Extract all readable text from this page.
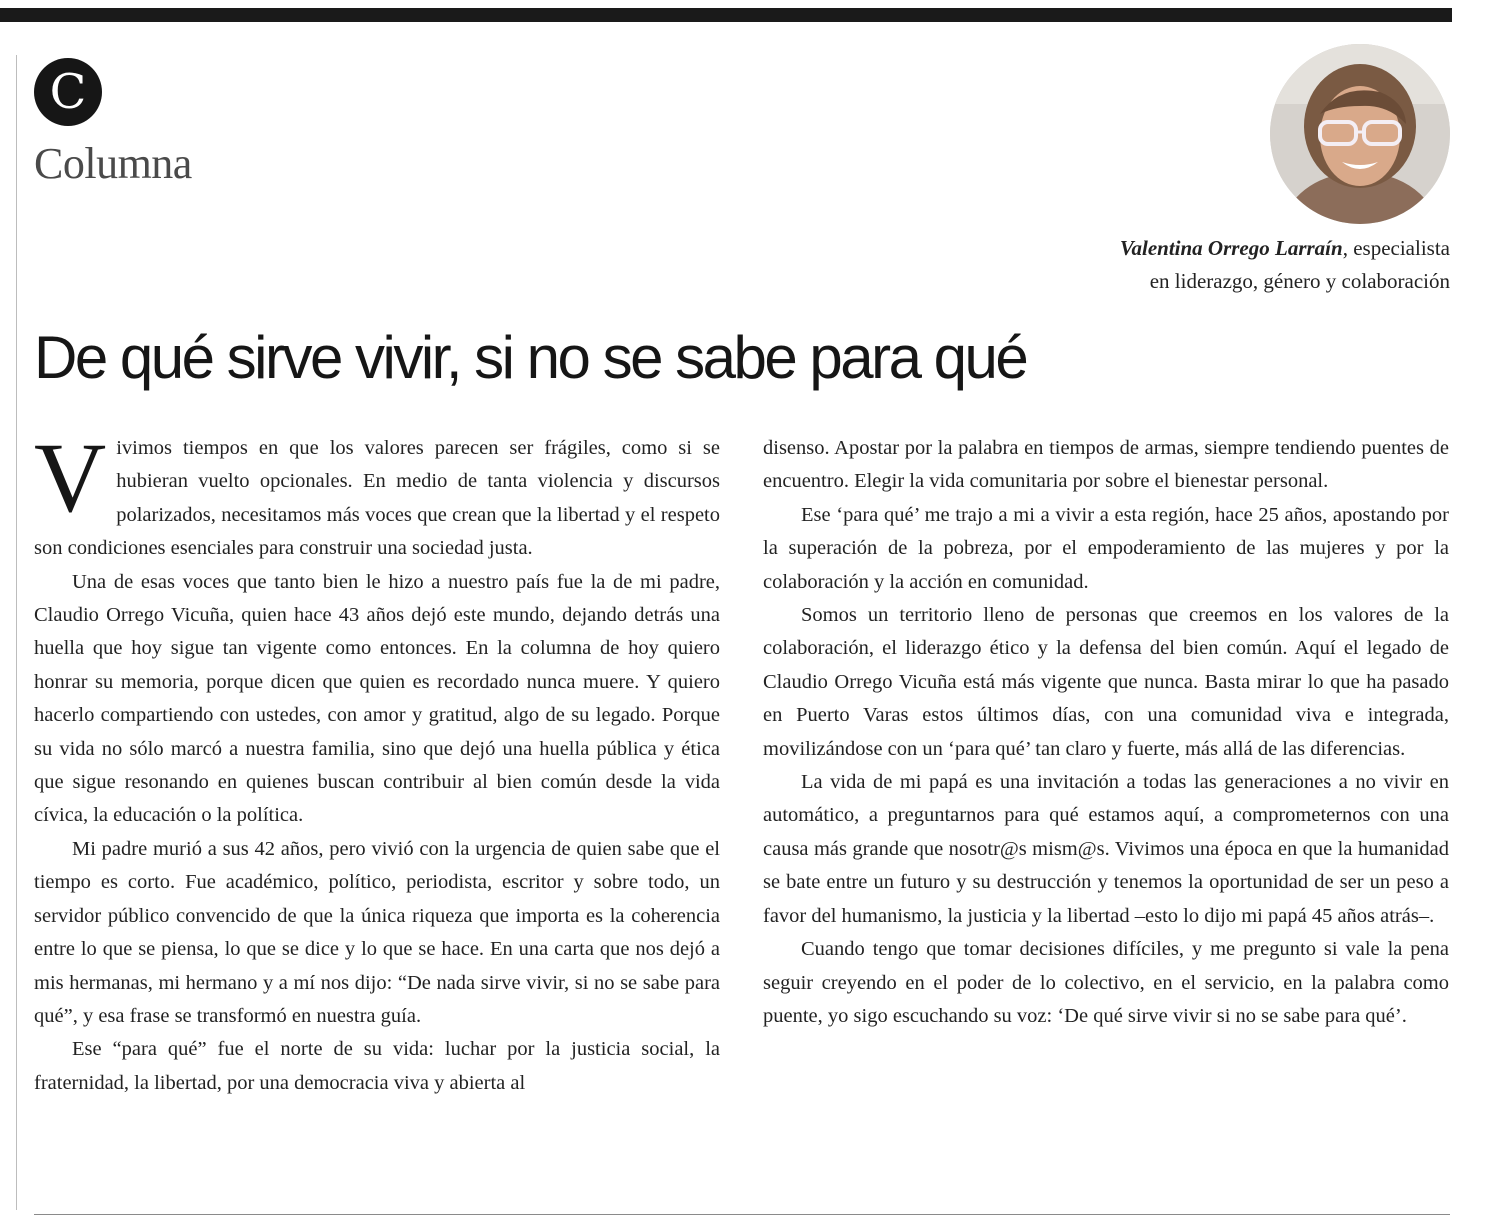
C
Columna
Valentina Orrego Larraín, especialista
en liderazgo, género y colaboración
De qué sirve vivir, si no se sabe para qué

Vivimos tiempos en que los valores parecen ser frágiles, como si se hubieran vuelto opcionales. En medio de tanta violencia y discursos polarizados, necesitamos más voces que crean que la libertad y el respeto son condiciones esenciales para construir una sociedad justa.

Una de esas voces que tanto bien le hizo a nuestro país fue la de mi padre, Claudio Orrego Vicuña, quien hace 43 años dejó este mundo, dejando detrás una huella que hoy sigue tan vigente como entonces. En la columna de hoy quiero honrar su memoria, porque dicen que quien es recordado nunca muere. Y quiero hacerlo compartiendo con ustedes, con amor y gratitud, algo de su legado. Porque su vida no sólo marcó a nuestra familia, sino que dejó una huella pública y ética que sigue resonando en quienes buscan contribuir al bien común desde la vida cívica, la educación o la política.

Mi padre murió a sus 42 años, pero vivió con la urgencia de quien sabe que el tiempo es corto. Fue académico, político, periodista, escritor y sobre todo, un servidor público convencido de que la única riqueza que importa es la coherencia entre lo que se piensa, lo que se dice y lo que se hace. En una carta que nos dejó a mis hermanas, mi hermano y a mí nos dijo: “De nada sirve vivir, si no se sabe para qué”, y esa frase se transformó en nuestra guía.

Ese “para qué” fue el norte de su vida: luchar por la justicia social, la fraternidad, la libertad, por una democracia viva y abierta al

disenso. Apostar por la palabra en tiempos de armas, siempre tendiendo puentes de encuentro. Elegir la vida comunitaria por sobre el bienestar personal.

Ese ‘para qué’ me trajo a mi a vivir a esta región, hace 25 años, apostando por la superación de la pobreza, por el empoderamiento de las mujeres y por la colaboración y la acción en comunidad.

Somos un territorio lleno de personas que creemos en los valores de la colaboración, el liderazgo ético y la defensa del bien común. Aquí el legado de Claudio Orrego Vicuña está más vigente que nunca. Basta mirar lo que ha pasado en Puerto Varas estos últimos días, con una comunidad viva e integrada, movilizándose con un ‘para qué’ tan claro y fuerte, más allá de las diferencias.

La vida de mi papá es una invitación a todas las generaciones a no vivir en automático, a preguntarnos para qué estamos aquí, a comprometernos con una causa más grande que nosotr@s mism@s. Vivimos una época en que la humanidad se bate entre un futuro y su destrucción y tenemos la oportunidad de ser un peso a favor del humanismo, la justicia y la libertad –esto lo dijo mi papá 45 años atrás–.

Cuando tengo que tomar decisiones difíciles, y me pregunto si vale la pena seguir creyendo en el poder de lo colectivo, en el servicio, en la palabra como puente, yo sigo escuchando su voz: ‘De qué sirve vivir si no se sabe para qué’.
